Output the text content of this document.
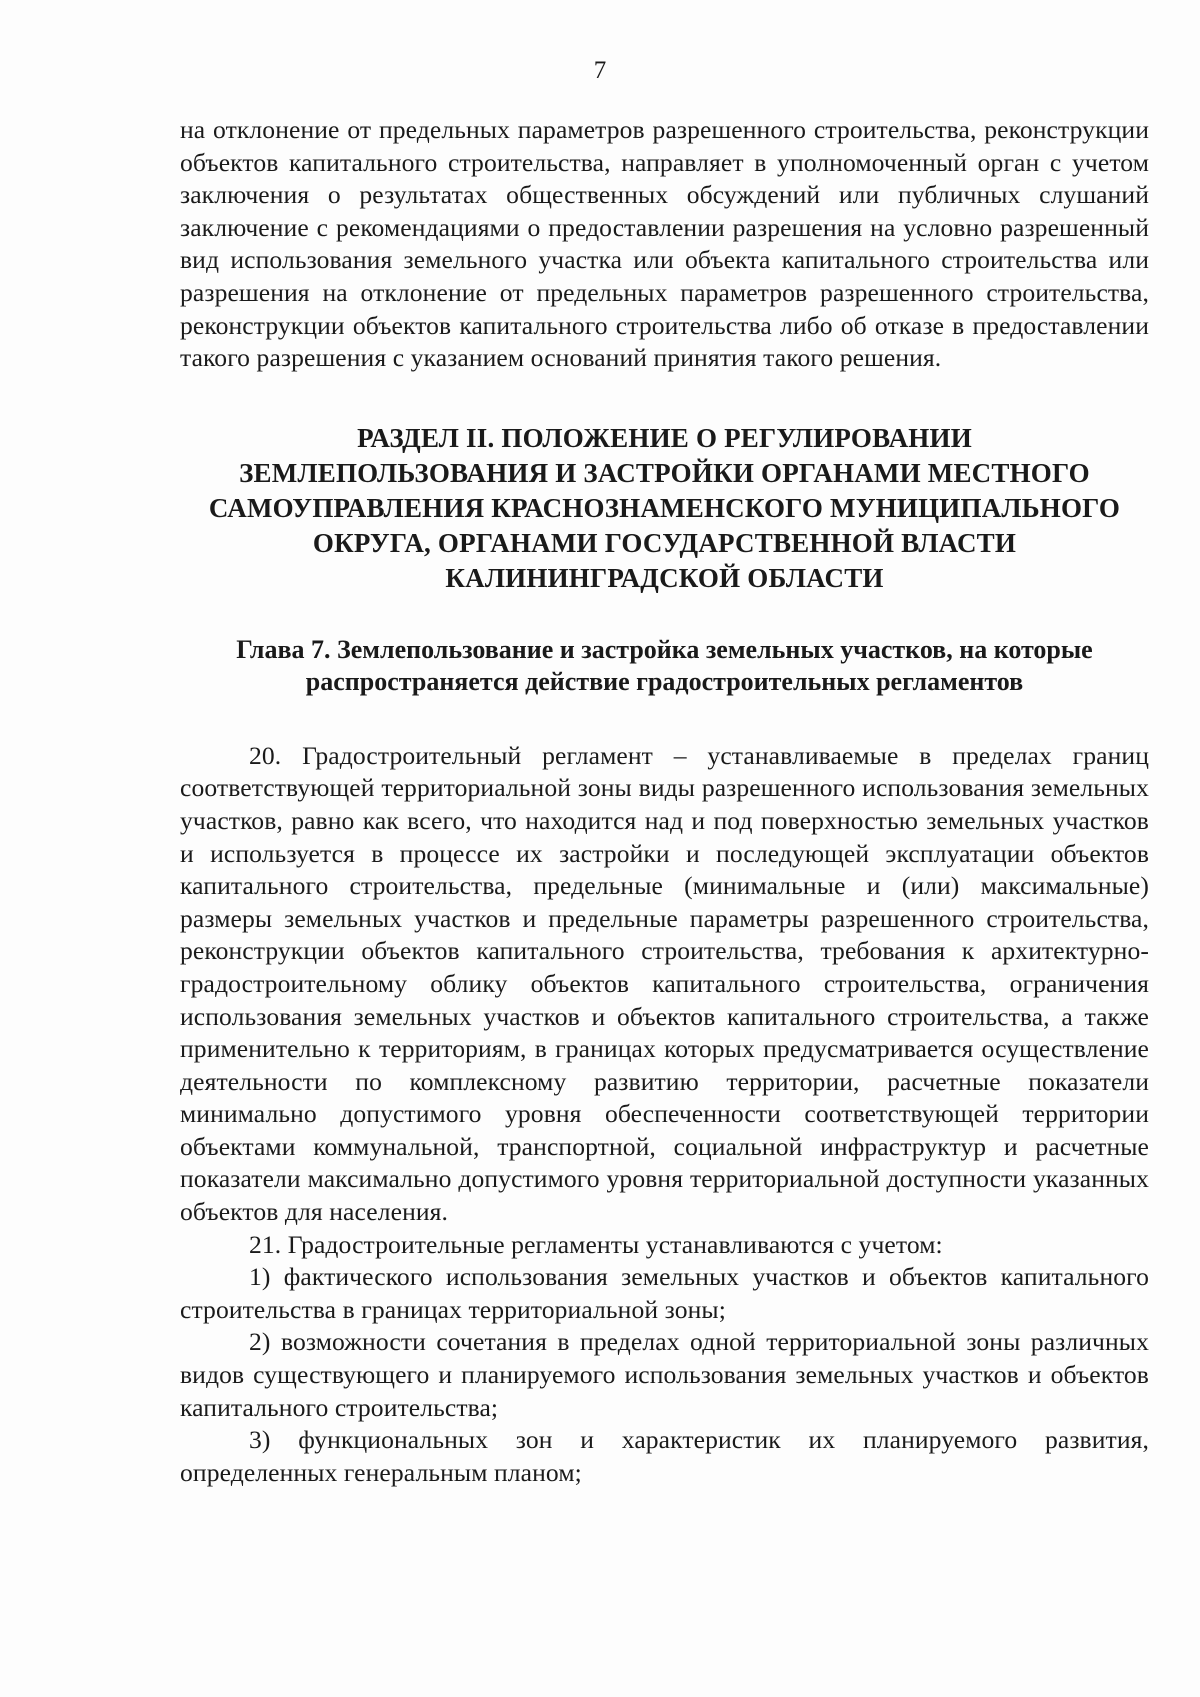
7

на отклонение от предельных параметров разрешенного строительства, реконструкции объектов капитального строительства, направляет в уполномоченный орган с учетом заключения о результатах общественных обсуждений или публичных слушаний заключение с рекомендациями о предоставлении разрешения на условно разрешенный вид использования земельного участка или объекта капитального строительства или разрешения на отклонение от предельных параметров разрешенного строительства, реконструкции объектов капитального строительства либо об отказе в предоставлении такого разрешения с указанием оснований принятия такого решения.

РАЗДЕЛ II. ПОЛОЖЕНИЕ О РЕГУЛИРОВАНИИ
ЗЕМЛЕПОЛЬЗОВАНИЯ И ЗАСТРОЙКИ ОРГАНАМИ МЕСТНОГО
САМОУПРАВЛЕНИЯ КРАСНОЗНАМЕНСКОГО МУНИЦИПАЛЬНОГО
ОКРУГА, ОРГАНАМИ ГОСУДАРСТВЕННОЙ ВЛАСТИ
КАЛИНИНГРАДСКОЙ ОБЛАСТИ
Глава 7. Землепользование и застройка земельных участков, на которые
распространяется действие градостроительных регламентов

20. Градостроительный регламент – устанавливаемые в пределах границ соответствующей территориальной зоны виды разрешенного использования земельных участков, равно как всего, что находится над и под поверхностью земельных участков и используется в процессе их застройки и последующей эксплуатации объектов капитального строительства, предельные (минимальные и (или) максимальные) размеры земельных участков и предельные параметры разрешенного строительства, реконструкции объектов капитального строительства, требования к архитектурно-градостроительному облику объектов капитального строительства, ограничения использования земельных участков и объектов капитального строительства, а также применительно к территориям, в границах которых предусматривается осуществление деятельности по комплексному развитию территории, расчетные показатели минимально допустимого уровня обеспеченности соответствующей территории объектами коммунальной, транспортной, социальной инфраструктур и расчетные показатели максимально допустимого уровня территориальной доступности указанных объектов для населения.

21. Градостроительные регламенты устанавливаются с учетом:

1) фактического использования земельных участков и объектов капитального строительства в границах территориальной зоны;

2) возможности сочетания в пределах одной территориальной зоны различных видов существующего и планируемого использования земельных участков и объектов капитального строительства;

3) функциональных зон и характеристик их планируемого развития, определенных генеральным планом;
